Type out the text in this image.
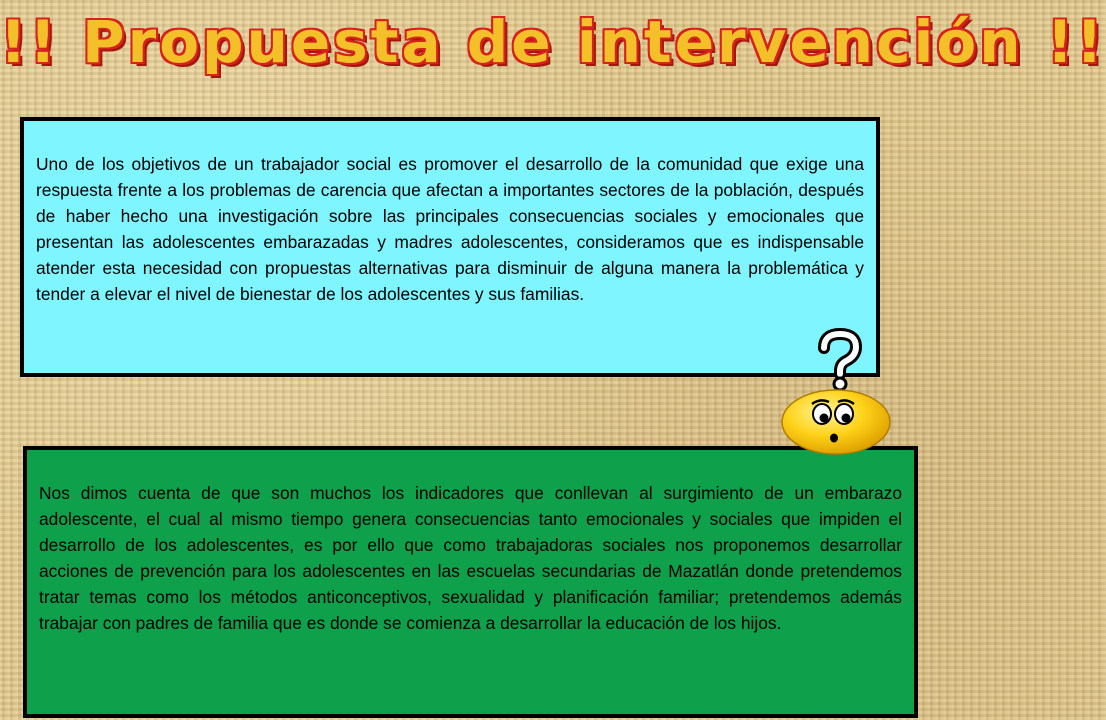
!! Propuesta de intervención !!
Uno de los objetivos de un trabajador social es promover el desarrollo de la comunidad que exige una respuesta frente a los problemas de carencia que afectan a importantes sectores de la población, después de haber hecho una investigación sobre las principales consecuencias sociales y emocionales que presentan las adolescentes embarazadas y madres adolescentes, consideramos que es indispensable atender esta necesidad con propuestas alternativas para disminuir de alguna manera la problemática y tender a elevar el nivel de bienestar de los adolescentes y sus familias.
Nos dimos cuenta de que son muchos los indicadores que conllevan al surgimiento de un embarazo adolescente, el cual al mismo tiempo genera consecuencias tanto emocionales y sociales que impiden el desarrollo de los adolescentes, es por ello que como trabajadoras sociales nos proponemos desarrollar acciones de prevención para los adolescentes en las escuelas secundarias de Mazatlán donde pretendemos tratar temas como los métodos anticonceptivos, sexualidad y planificación familiar; pretendemos además trabajar con padres de familia que es donde se comienza a desarrollar la educación de los hijos.
